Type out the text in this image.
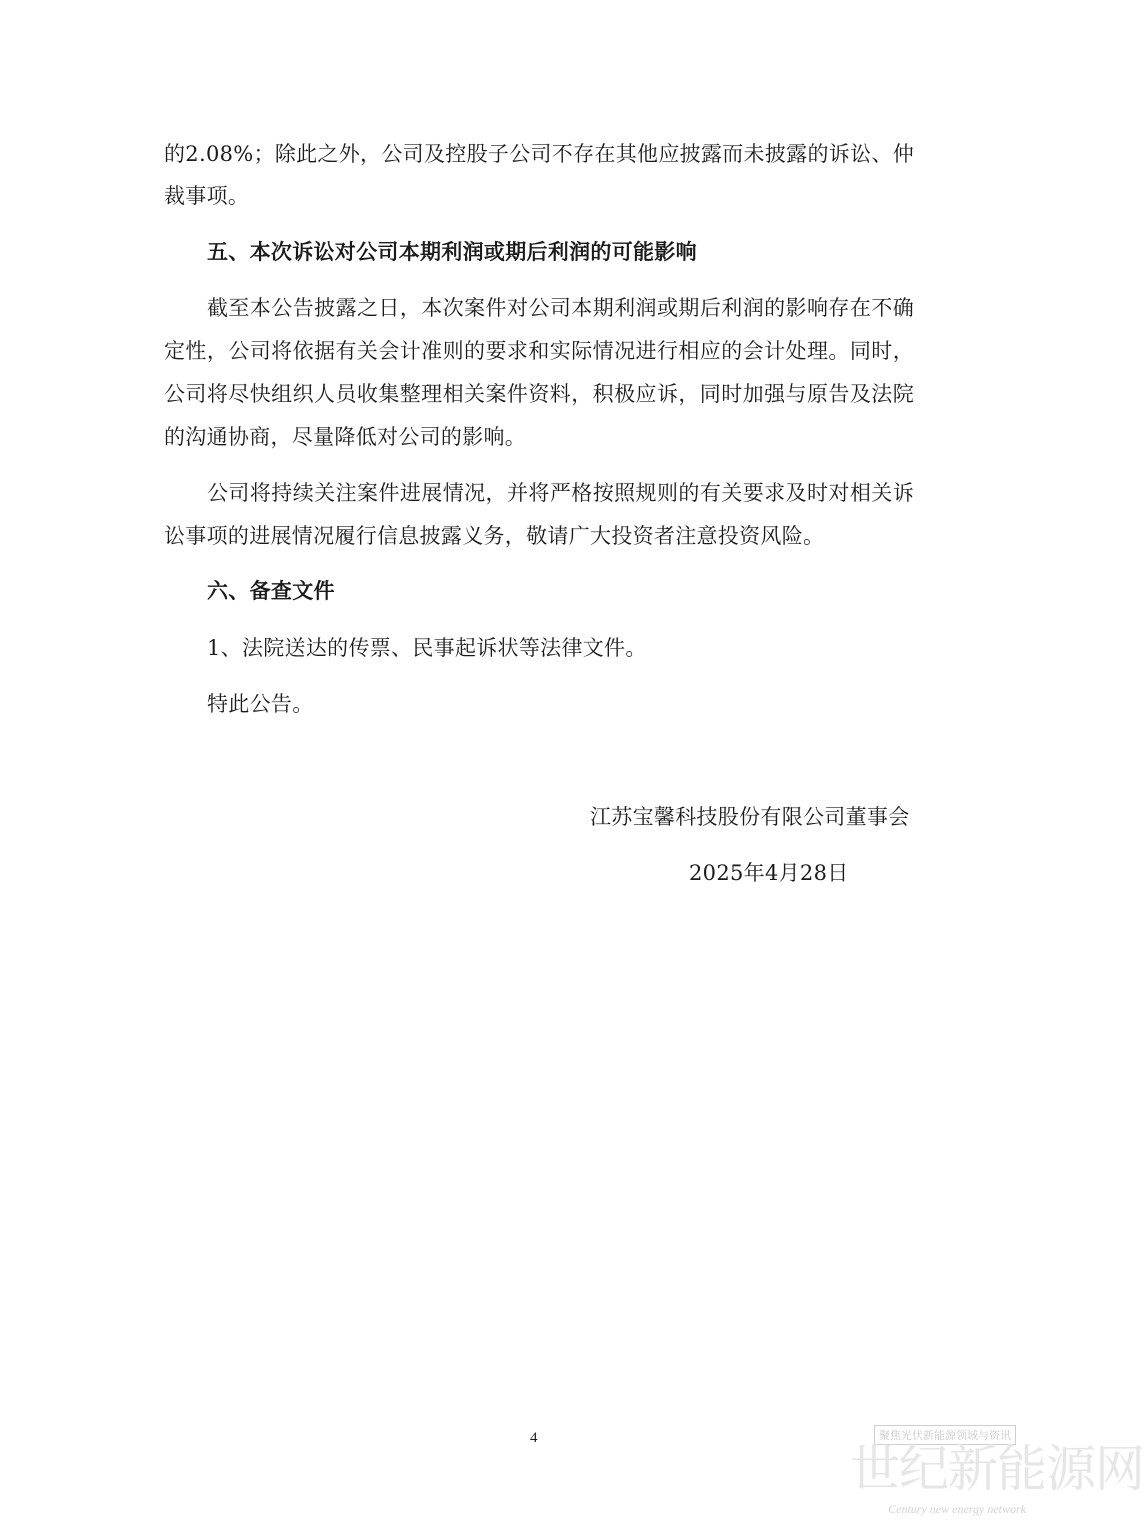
的2.08%；除此之外，公司及控股子公司不存在其他应披露而未披露的诉讼、仲
裁事项。
五、本次诉讼对公司本期利润或期后利润的可能影响
截至本公告披露之日，本次案件对公司本期利润或期后利润的影响存在不确
定性，公司将依据有关会计准则的要求和实际情况进行相应的会计处理。同时，
公司将尽快组织人员收集整理相关案件资料，积极应诉，同时加强与原告及法院
的沟通协商，尽量降低对公司的影响。
公司将持续关注案件进展情况，并将严格按照规则的有关要求及时对相关诉
讼事项的进展情况履行信息披露义务，敬请广大投资者注意投资风险。
六、备查文件
1、法院送达的传票、民事起诉状等法律文件。
特此公告。
江苏宝馨科技股份有限公司董事会
2025年4月28日
4	聚焦光伏新能源领域与资讯
世纪新能源网
Century new energy network
